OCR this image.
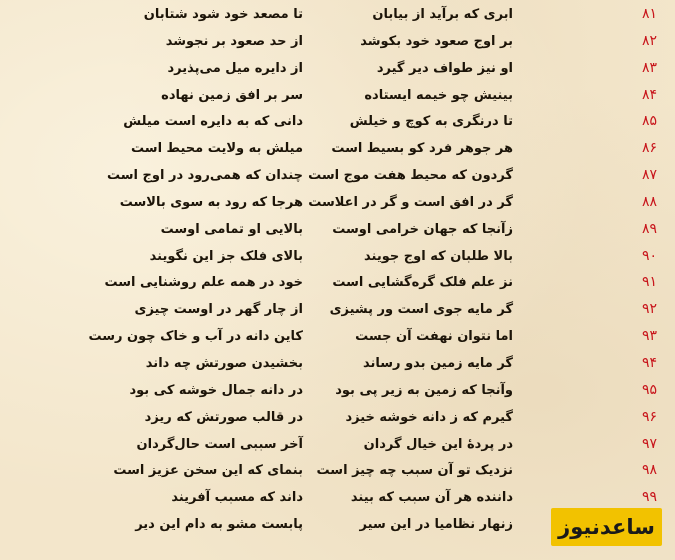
۸۱
ابری که برآید از بیابان
تا مصعد خود شود شتابان
۸۲
بر اوج صعود خود بکوشد
از حد صعود بر نجوشد
۸۳
او نیز طواف دیر گیرد
از دایره میل می‌پذیرد
۸۴
بینیش چو خیمه ایستاده
سر بر افق زمین نهاده
۸۵
تا درنگری به کوچ و خیلش
دانی که به دایره است میلش
۸۶
هر جوهر فرد کو بسیط است
میلش به ولایت محیط است
۸۷
گردون که محیط هفت موج است
چندان که همی‌رود در اوج است
۸۸
گر در افق است و گر در اعلاست
هرجا که رود به سوی بالاست
۸۹
زآنجا که جهان خرامی اوست
بالایی او تمامی اوست
۹۰
بالا طلبان که اوج جویند
بالای فلک جز این نگویند
۹۱
نز علم فلک گره‌گشایی است
خود در همه علم روشنایی است
۹۲
گر مایه جوی است ور پشیزی
از چار گهر در اوست چیزی
۹۳
اما نتوان نهفت آن جست
کاین دانه در آب و خاک چون رست
۹۴
گر مایه زمین بدو رساند
بخشیدن صورتش چه داند
۹۵
وآنجا که زمین به زیر پی بود
در دانه جمال خوشه کی بود
۹۶
گیرم که ز دانه خوشه خیزد
در قالب صورتش که ریزد
۹۷
در پردهٔ این خیال گردان
آخر سببی است حال‌گردان
۹۸
نزدیک تو آن سبب چه چیز است
بنمای که این سخن عزیز است
۹۹
داننده هر آن سبب که بیند
داند که مسبب آفریند
زنهار نظامیا در این سیر
پابست مشو به دام این دیر	ساعدنیوز
